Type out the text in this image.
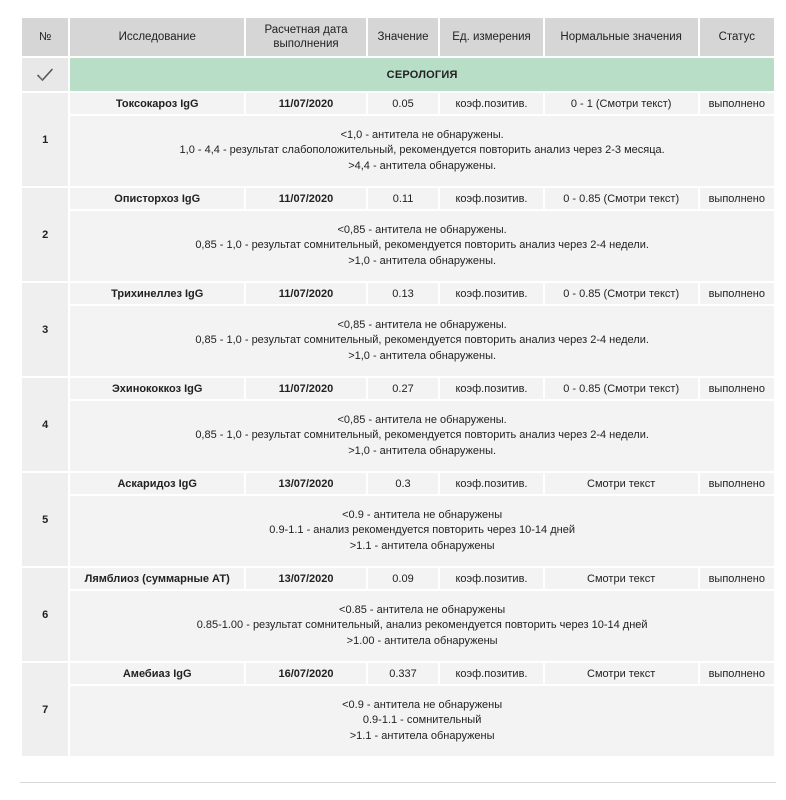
№	Исследование	Расчетная дата выполнения	Значение	Ед. измерения	Нормальные значения	Статус
	СЕРОЛОГИЯ					
1	Токсокароз IgG	11/07/2020	0.05	коэф.позитив.	0 - 1 (Смотри текст)	выполнено

	<1,0 - антитела не обнаружены.
1,0 - 4,4 - результат слабоположительный, рекомендуется повторить анализ через 2-3 месяца.
>4,4 - антитела обнаружены.					

2	Описторхоз IgG	11/07/2020	0.11	коэф.позитив.	0 - 0.85 (Смотри текст)	выполнено

	<0,85 - антитела не обнаружены.
0,85 - 1,0 - результат сомнительный, рекомендуется повторить анализ через 2-4 недели.
>1,0 - антитела обнаружены.					

3	Трихинеллез IgG	11/07/2020	0.13	коэф.позитив.	0 - 0.85 (Смотри текст)	выполнено

	<0,85 - антитела не обнаружены.
0,85 - 1,0 - результат сомнительный, рекомендуется повторить анализ через 2-4 недели.
>1,0 - антитела обнаружены.					

4	Эхинококкоз IgG	11/07/2020	0.27	коэф.позитив.	0 - 0.85 (Смотри текст)	выполнено

	<0,85 - антитела не обнаружены.
0,85 - 1,0 - результат сомнительный, рекомендуется повторить анализ через 2-4 недели.
>1,0 - антитела обнаружены.					

5	Аскаридоз IgG	13/07/2020	0.3	коэф.позитив.	Смотри текст	выполнено

	<0.9 - антитела не обнаружены
0.9-1.1 - анализ рекомендуется повторить через 10-14 дней
>1.1 - антитела обнаружены					

6	Лямблиоз (суммарные АТ)	13/07/2020	0.09	коэф.позитив.	Смотри текст	выполнено

	<0.85 - антитела не обнаружены
0.85-1.00 - результат сомнительный, анализ рекомендуется повторить через 10-14 дней
>1.00 - антитела обнаружены					

7	Амебиаз IgG	16/07/2020	0.337	коэф.позитив.	Смотри текст	выполнено

	<0.9 - антитела не обнаружены
0.9-1.1 - сомнительный
>1.1 - антитела обнаружены					
